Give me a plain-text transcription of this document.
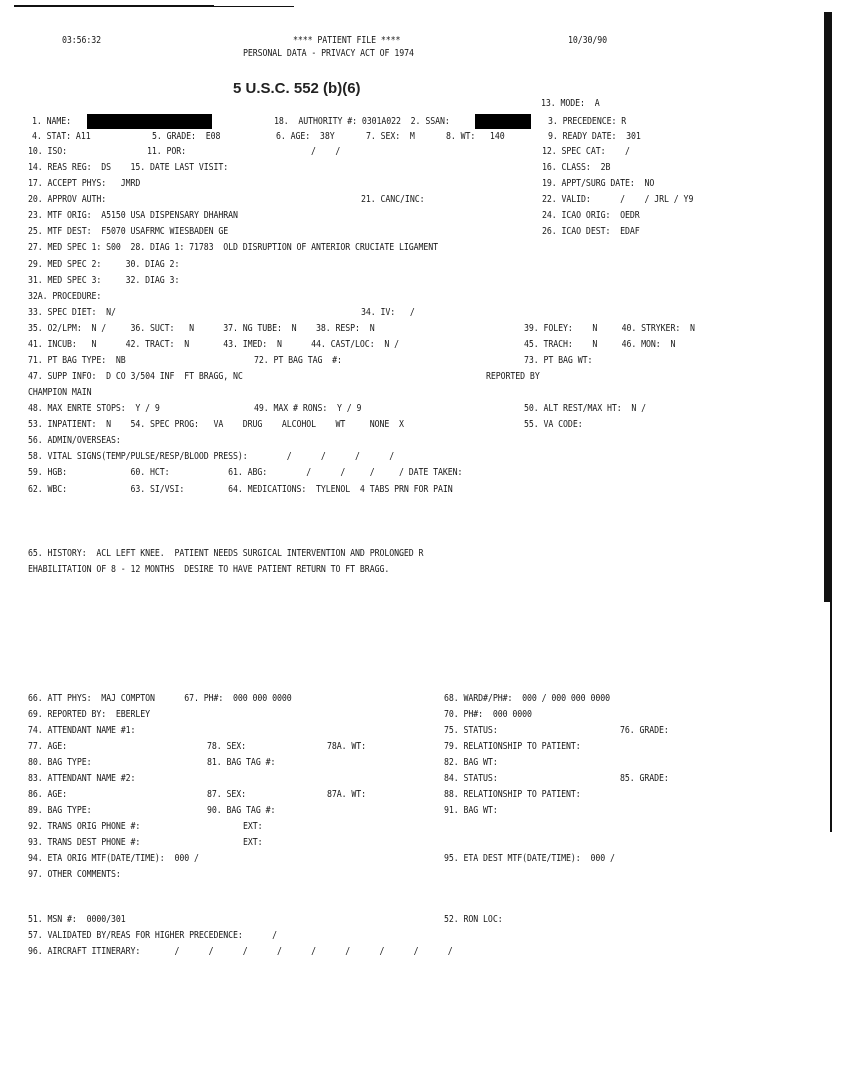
03:56:32	**** PATIENT FILE ****
PERSONAL DATA - PRIVACY ACT OF 1974
10/30/90
5 U.S.C. 552 (b)(6)
13. MODE:  A
1. NAME:	18.  AUTHORITY #: 0301A022  2. SSAN:	3. PRECEDENCE: R
4. STAT: A11	5. GRADE:  E08	6. AGE:  38Y	7. SEX:  M	8. WT:   140	9. READY DATE:  301
10. ISO:	11. POR:	/    /	12. SPEC CAT:    /
14. REAS REG:  DS    15. DATE LAST VISIT:	16. CLASS:  2B
17. ACCEPT PHYS:   JMRD	19. APPT/SURG DATE:  NO
20. APPROV AUTH:	21. CANC/INC:	22. VALID:      /    / JRL / Y9
23. MTF ORIG:  A5150 USA DISPENSARY DHAHRAN	24. ICAO ORIG:  OEDR
25. MTF DEST:  F5070 USAFRMC WIESBADEN GE	26. ICAO DEST:  EDAF
27. MED SPEC 1: S00  28. DIAG 1: 71783  OLD DISRUPTION OF ANTERIOR CRUCIATE LIGAMENT
29. MED SPEC 2:     30. DIAG 2:
31. MED SPEC 3:     32. DIAG 3:
32A. PROCEDURE:
33. SPEC DIET:  N/	34. IV:   /
35. O2/LPM:  N /     36. SUCT:   N      37. NG TUBE:  N    38. RESP:  N	39. FOLEY:    N     40. STRYKER:  N
41. INCUB:   N      42. TRACT:  N       43. IMED:  N      44. CAST/LOC:  N /	45. TRACH:    N     46. MON:  N
71. PT BAG TYPE:  NB	72. PT BAG TAG  #:	73. PT BAG WT:
47. SUPP INFO:  D CO 3/504 INF  FT BRAGG, NC	REPORTED BY
CHAMPION MAIN
48. MAX ENRTE STOPS:  Y / 9	49. MAX # RONS:  Y / 9	50. ALT REST/MAX HT:  N /
53. INPATIENT:  N    54. SPEC PROG:   VA    DRUG    ALCOHOL    WT     NONE  X	55. VA CODE:
56. ADMIN/OVERSEAS:
58. VITAL SIGNS(TEMP/PULSE/RESP/BLOOD PRESS):        /      /      /      /
59. HGB:             60. HCT:            61. ABG:        /      /     /     / DATE TAKEN:
62. WBC:             63. SI/VSI:         64. MEDICATIONS:  TYLENOL  4 TABS PRN FOR PAIN
65. HISTORY:  ACL LEFT KNEE.  PATIENT NEEDS SURGICAL INTERVENTION AND PROLONGED R
EHABILITATION OF 8 - 12 MONTHS  DESIRE TO HAVE PATIENT RETURN TO FT BRAGG.
66. ATT PHYS:  MAJ COMPTON      67. PH#:  000 000 0000	68. WARD#/PH#:  000 / 000 000 0000
69. REPORTED BY:  EBERLEY	70. PH#:  000 0000
74. ATTENDANT NAME #1:	75. STATUS:	76. GRADE:
77. AGE:	78. SEX:	78A. WT:	79. RELATIONSHIP TO PATIENT:
80. BAG TYPE:	81. BAG TAG #:	82. BAG WT:
83. ATTENDANT NAME #2:	84. STATUS:	85. GRADE:
86. AGE:	87. SEX:	87A. WT:	88. RELATIONSHIP TO PATIENT:
89. BAG TYPE:	90. BAG TAG #:	91. BAG WT:
92. TRANS ORIG PHONE #:	EXT:
93. TRANS DEST PHONE #:	EXT:
94. ETA ORIG MTF(DATE/TIME):  000 /	95. ETA DEST MTF(DATE/TIME):  000 /
97. OTHER COMMENTS:
51. MSN #:  0000/301	52. RON LOC:
57. VALIDATED BY/REAS FOR HIGHER PRECEDENCE:      /
96. AIRCRAFT ITINERARY:       /      /      /      /      /      /      /      /      /
